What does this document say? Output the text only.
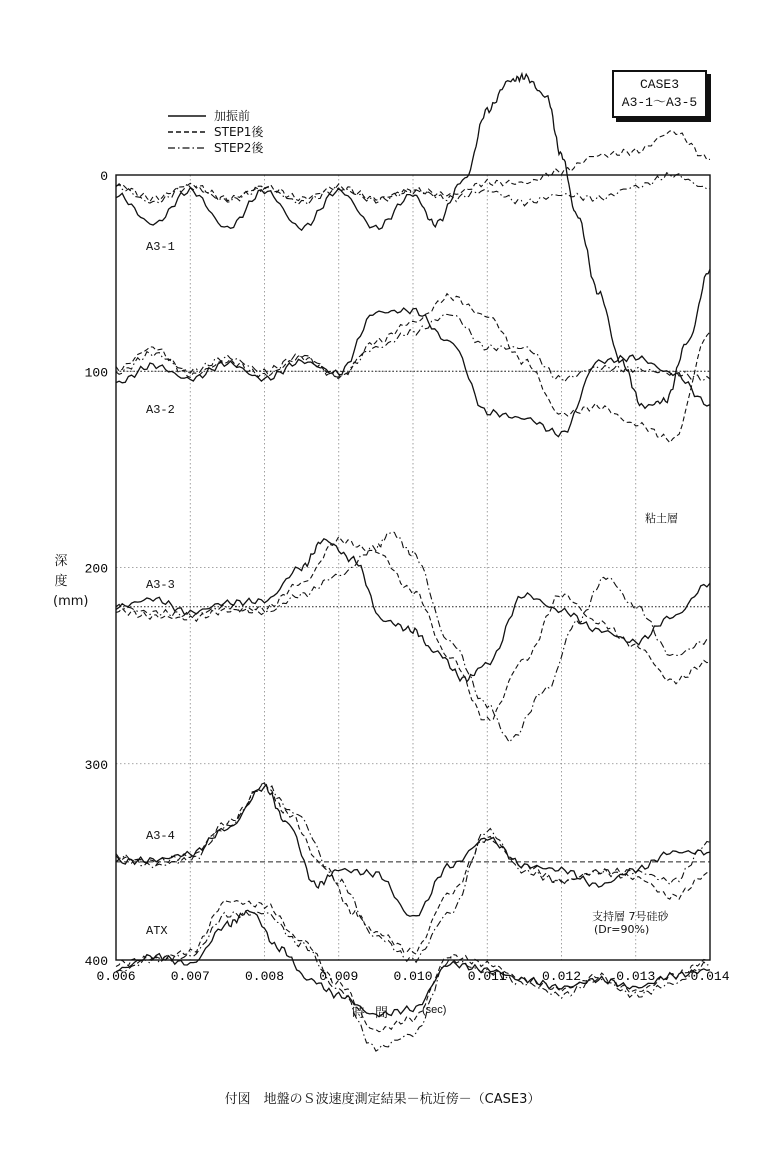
0.006	0.007	0.008	0.009	0.010	0.011	0.012	0.013	0.014
0
100
200
300
400
CASE3
A3-1～A3-5
加振前
STEP1後
STEP2後
A3-1
A3-2
A3-3
A3-4
ATX
粘土層
支持層 7号硅砂
(Dr=90%)
深度(mm)
時間 (sec)
付図　地盤のＳ波速度測定結果－杭近傍－（CASE3）
